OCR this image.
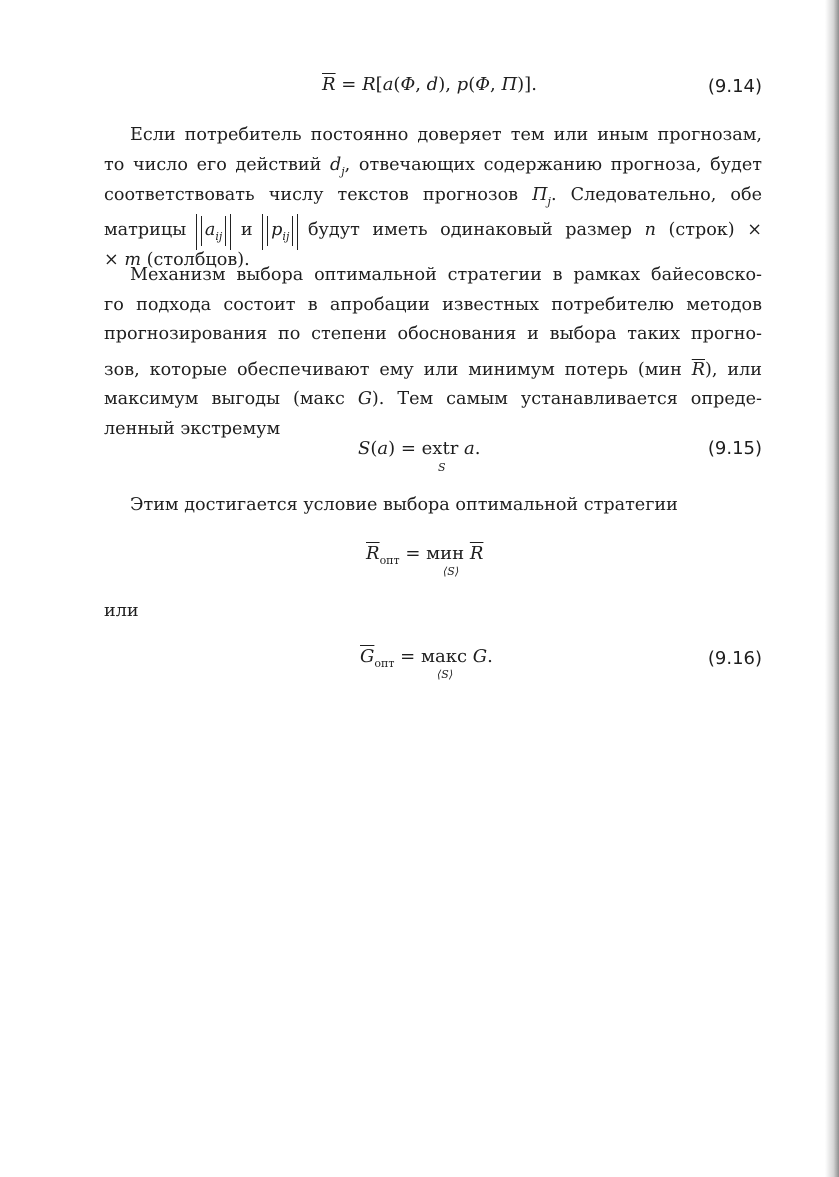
$\overline{R} = R[a(\Phi$, d), p(Φ, Π)].	(9.14)
Если потребитель постоянно доверяет тем или иным прогнозам,
то число его действий $d_j$, отвечающих содержанию прогноза, будет
соответствовать числу текстов прогнозов $\Pi_j$. Следовательно, обе
матрицы $a_{ij}$ и $p_{ij}$ будут иметь одинаковый размер n (строк) ×
× m (столбцов).
Механизм выбора оптимальной стратегии в рамках байесовско-
го подхода состоит в апробации известных потребителю методов
прогнозирования по степени обоснования и выбора таких прогно-
зов, которые обеспечивают ему или минимум потерь (мин $\overline{R}$), или
максимум выгоды (макс G). Тем самым устанавливается опреде-
ленный экстремум
S(a) = extr a.
S
(9.15)
Этим достигается условие выбора оптимальной стратегии
$\overline{R}_{опт}$ = мин $\overline{R}$
⟨S⟩
или
$\overline{G}_{опт}$ = макс G.
⟨S⟩
(9.16)
